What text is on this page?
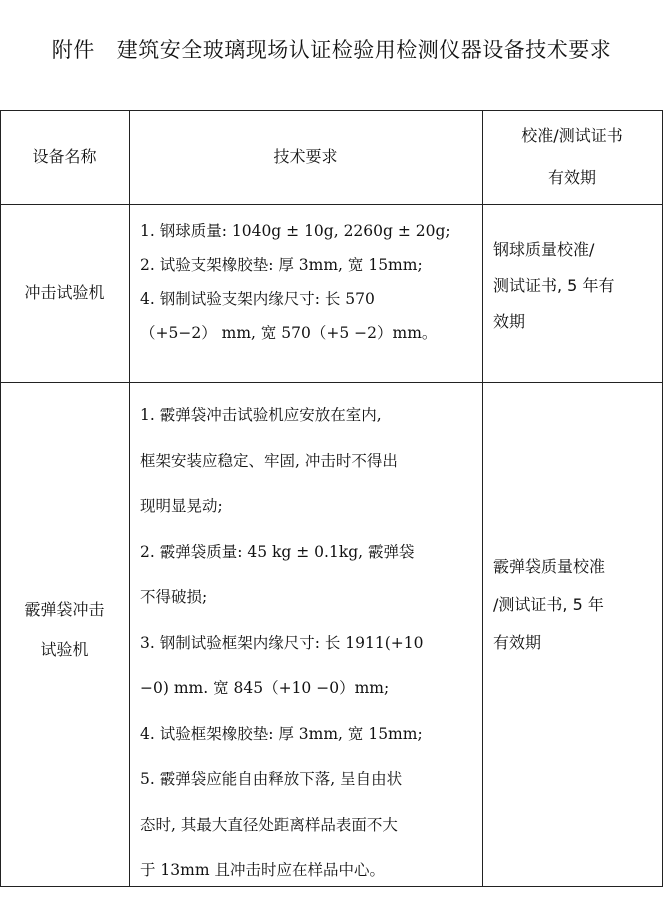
附件 建筑安全玻璃现场认证检验用检测仪器设备技术要求
设备名称	技术要求
校准/测试证书
有效期
冲击试验机
1. 钢球质量: 1040g ± 10g, 2260g ± 20g;
2. 试验支架橡胶垫: 厚 3mm, 宽 15mm;
4. 钢制试验支架内缘尺寸: 长 570
（+5−2） mm, 宽 570（+5 −2）mm。
钢球质量校准/
测试证书, 5 年有
效期
霰弹袋冲击
试验机
1. 霰弹袋冲击试验机应安放在室内,
框架安装应稳定、牢固, 冲击时不得出
现明显晃动;
2. 霰弹袋质量: 45 kg ± 0.1kg, 霰弹袋
不得破损;
3. 钢制试验框架内缘尺寸: 长 1911(+10
−0) mm. 宽 845（+10 −0）mm;
4. 试验框架橡胶垫: 厚 3mm, 宽 15mm;
5. 霰弹袋应能自由释放下落, 呈自由状
态时, 其最大直径处距离样品表面不大
于 13mm 且冲击时应在样品中心。
霰弹袋质量校准
/测试证书, 5 年
有效期
